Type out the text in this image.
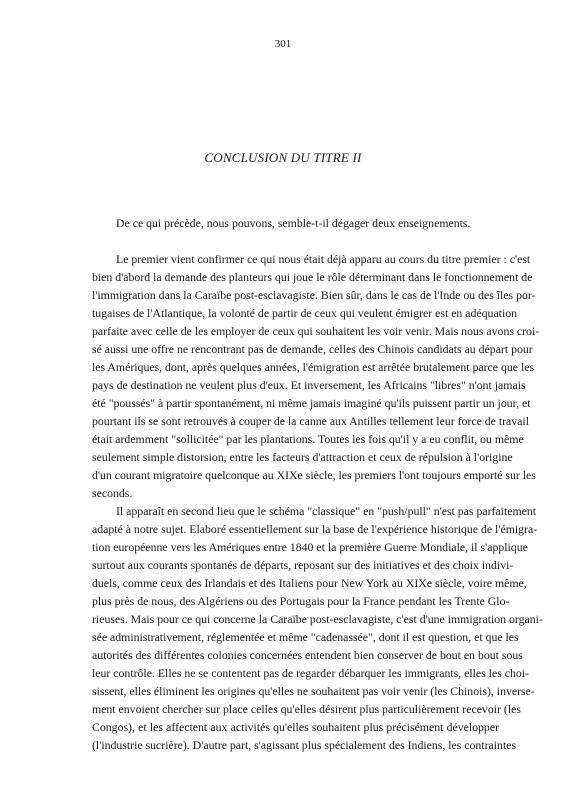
301
CONCLUSION DU TITRE II
De ce qui précède, nous pouvons, semble-t-il dégager deux enseignements.
Le premier vient confirmer ce qui nous était déjà apparu au cours du titre premier : c'est
bien d'abord la demande des planteurs qui joue le rôle déterminant dans le fonctionnement de
l'immigration dans la Caraïbe post-esclavagiste. Bien sûr, dans le cas de l'Inde ou des îles por-
tugaises de l'Atlantique, la volonté de partir de ceux qui veulent émigrer est en adéquation
parfaite avec celle de les employer de ceux qui souhaitent les voir venir. Mais nous avons croi-
sé aussi une offre ne rencontrant pas de demande, celles des Chinois candidats au départ pour
les Amériques, dont, après quelques années, l'émigration est arrêtée brutalement parce que les
pays de destination ne veulent plus d'eux. Et inversement, les Africains "libres" n'ont jamais
été "poussés" à partir spontanément, ni même jamais imaginé qu'ils puissent partir un jour, et
pourtant ils se sont retrouvés à couper de la canne aux Antilles tellement leur force de travail
était ardemment "sollicitée" par les plantations. Toutes les fois qu'il y a eu conflit, ou même
seulement simple distorsion, entre les facteurs d'attraction et ceux de répulsion à l'origine
d'un courant migratoire quelconque au XIXe siècle, les premiers l'ont toujours emporté sur les
seconds.
Il apparaît en second lieu que le schéma "classique" en "push/pull" n'est pas parfaitement
adapté à notre sujet. Elaboré essentiellement sur la base de l'expérience historique de l'émigra-
tion européenne vers les Amériques entre 1840 et la première Guerre Mondiale, il s'applique
surtout aux courants spontanés de départs, reposant sur des initiatives et des choix indivi-
duels, comme ceux des Irlandais et des Italiens pour New York au XIXe siècle, voire même,
plus près de nous, des Algériens ou des Portugais pour la France pendant les Trente Glo-
rieuses. Mais pour ce qui concerne la Caraïbe post-esclavagiste, c'est d'une immigration organi-
sée administrativement, réglementée et même "cadenassée", dont il est question, et que les
autorités des différentes colonies concernées entendent bien conserver de bout en bout sous
leur contrôle. Elles ne se contentent pas de regarder débarquer les immigrants, elles les choi-
sissent, elles éliminent les origines qu'elles ne souhaitent pas voir venir (les Chinois), inverse-
ment envoient chercher sur place celles qu'elles désirent plus particulièrement recevoir (les
Congos), et les affectent aux activités qu'elles souhaitent plus précisément développer
(l'industrie sucrière). D'autre part, s'agissant plus spécialement des Indiens, les contraintes
